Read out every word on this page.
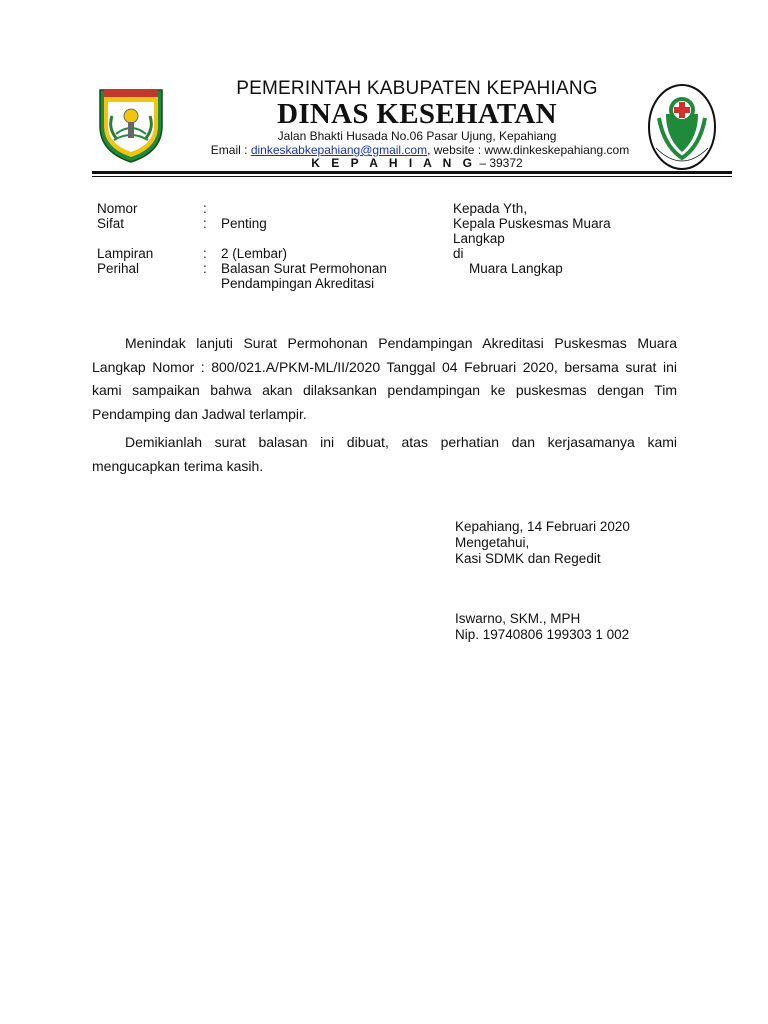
PEMERINTAH KABUPATEN KEPAHIANG
DINAS KESEHATAN
Jalan Bhakti Husada No.06 Pasar Ujung, Kepahiang
Email : dinkeskabkepahiang@gmail.com, website : www.dinkeskepahiang.com
K E P A H I A N G – 39372
Nomor	:
Sifat	: Penting
Lampiran	: 2 (Lembar)
Perihal	: Balasan Surat Permohonan
Pendampingan Akreditasi
Kepada Yth,
Kepala Puskesmas Muara
Langkap
di
Muara Langkap
Menindak lanjuti Surat Permohonan Pendampingan Akreditasi Puskesmas Muara Langkap Nomor : 800/021.A/PKM-ML/II/2020 Tanggal 04 Februari 2020, bersama surat ini kami sampaikan bahwa akan dilaksankan pendampingan ke puskesmas dengan Tim Pendamping dan Jadwal terlampir.
Demikianlah surat balasan ini dibuat, atas perhatian dan kerjasamanya kami mengucapkan terima kasih.
Kepahiang, 14 Februari 2020
Mengetahui,
Kasi SDMK dan Regedit
Iswarno, SKM., MPH
Nip. 19740806 199303 1 002
